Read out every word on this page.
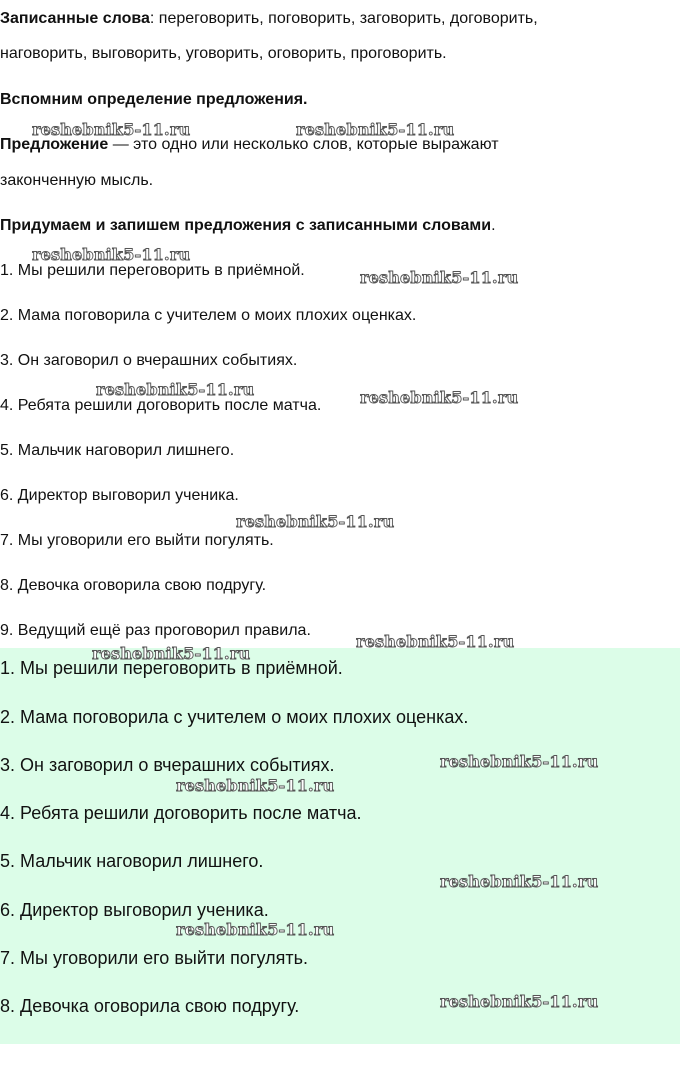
Записанные слова: переговорить, поговорить, заговорить, договорить,
наговорить, выговорить, уговорить, оговорить, проговорить.
Вспомним определение предложения.
Предложение — это одно или несколько слов, которые выражают
законченную мысль.
Придумаем и запишем предложения с записанными словами.
1. Мы решили переговорить в приёмной.
2. Мама поговорила с учителем о моих плохих оценках.
3. Он заговорил о вчерашних событиях.
4. Ребята решили договорить после матча.
5. Мальчик наговорил лишнего.
6. Директор выговорил ученика.
7. Мы уговорили его выйти погулять.
8. Девочка оговорила свою подругу.
9. Ведущий ещё раз проговорил правила.
1. Мы решили переговорить в приёмной.
2. Мама поговорила с учителем о моих плохих оценках.
3. Он заговорил о вчерашних событиях.
4. Ребята решили договорить после матча.
5. Мальчик наговорил лишнего.
6. Директор выговорил ученика.
7. Мы уговорили его выйти погулять.
8. Девочка оговорила свою подругу.
reshebnik5-11.ru	reshebnik5-11.ru
reshebnik5-11.ru
reshebnik5-11.ru
reshebnik5-11.ru	reshebnik5-11.ru
reshebnik5-11.ru
reshebnik5-11.ru
reshebnik5-11.ru
reshebnik5-11.ru
reshebnik5-11.ru
reshebnik5-11.ru
reshebnik5-11.ru
reshebnik5-11.ru
